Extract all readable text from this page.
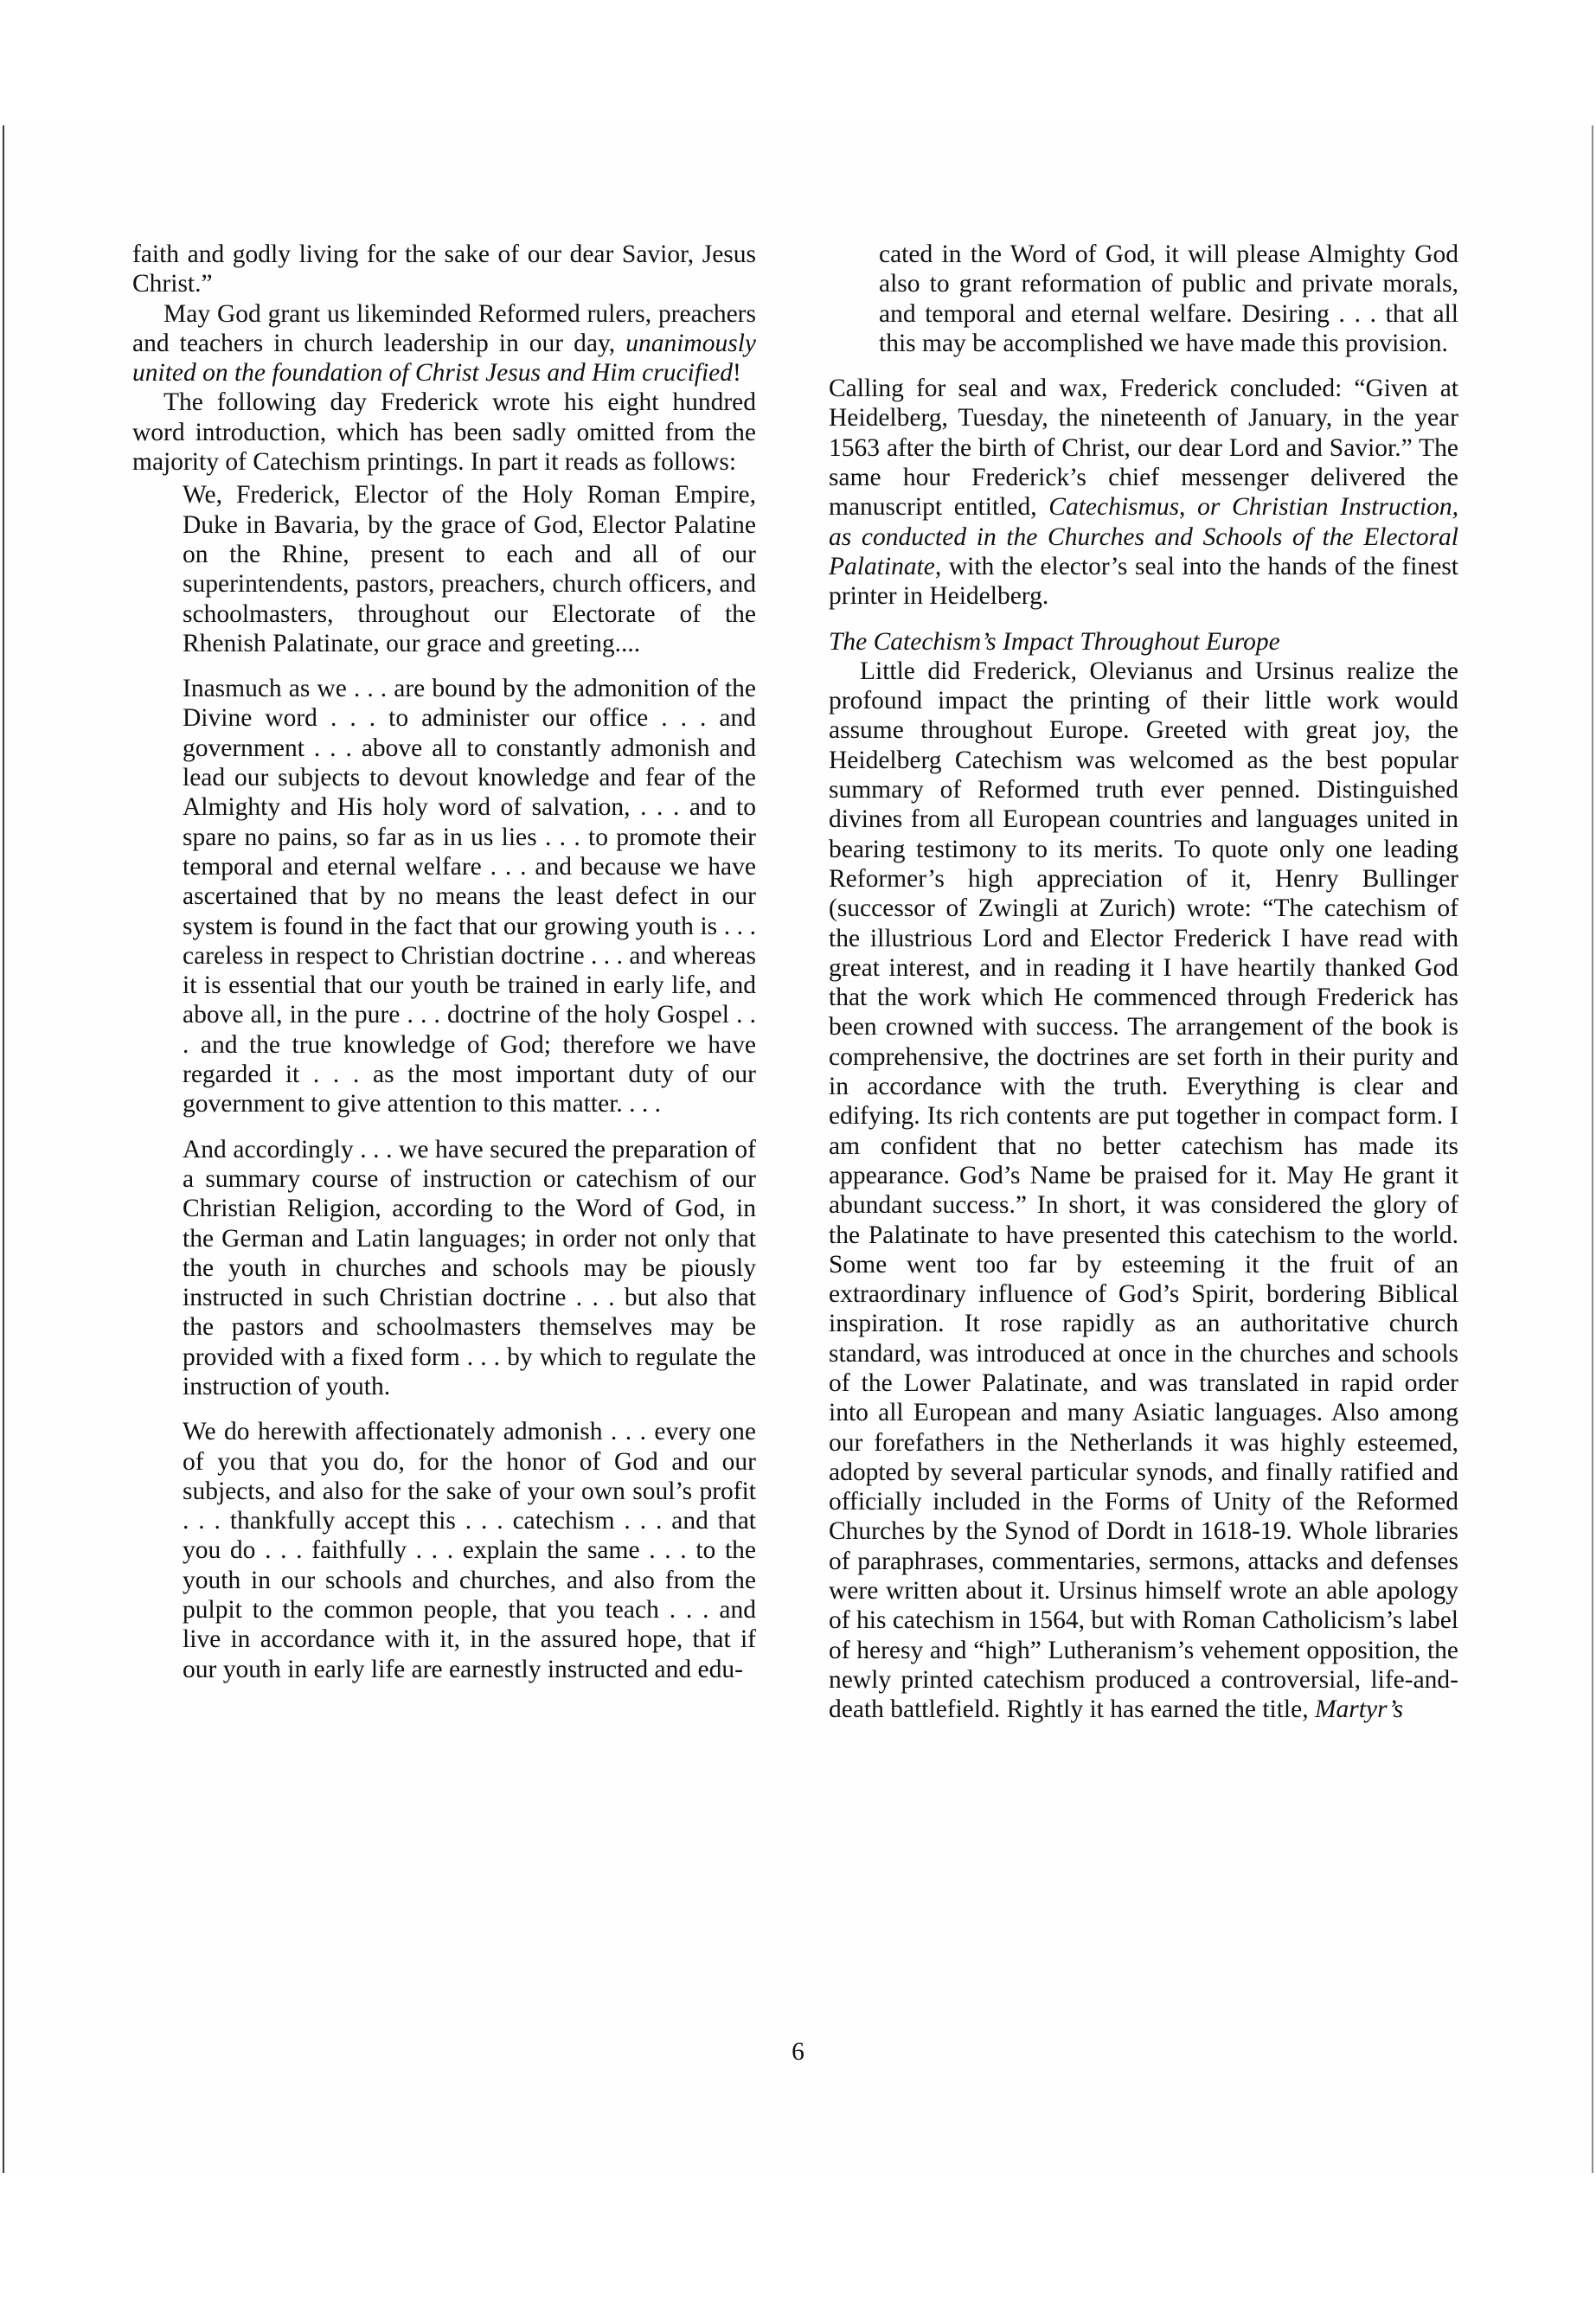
faith and godly living for the sake of our dear Savior, Jesus Christ.”

May God grant us likeminded Reformed rulers, preachers and teachers in church leadership in our day, unanimously united on the foundation of Christ Jesus and Him crucified!

The following day Frederick wrote his eight hundred word introduction, which has been sadly omitted from the majority of Catechism printings. In part it reads as follows:

We, Frederick, Elector of the Holy Roman Empire, Duke in Bavaria, by the grace of God, Elector Palatine on the Rhine, present to each and all of our superintendents, pastors, preachers, church officers, and schoolmasters, throughout our Electorate of the Rhenish Palatinate, our grace and greeting....

Inasmuch as we . . . are bound by the admonition of the Divine word . . . to administer our office . . . and government . . . above all to constantly admonish and lead our subjects to devout knowledge and fear of the Almighty and His holy word of salvation, . . . and to spare no pains, so far as in us lies . . . to promote their temporal and eternal welfare . . . and because we have ascertained that by no means the least defect in our system is found in the fact that our growing youth is . . . careless in respect to Christian doctrine . . . and whereas it is essential that our youth be trained in early life, and above all, in the pure . . . doctrine of the holy Gospel . . . and the true knowledge of God; therefore we have regarded it . . . as the most important duty of our government to give attention to this matter. . . .

And accordingly . . . we have secured the preparation of a summary course of instruction or catechism of our Christian Religion, according to the Word of God, in the German and Latin languages; in order not only that the youth in churches and schools may be piously instructed in such Christian doctrine . . . but also that the pastors and schoolmasters themselves may be provided with a fixed form . . . by which to regulate the instruction of youth.

We do herewith affectionately admonish . . . every one of you that you do, for the honor of God and our subjects, and also for the sake of your own soul’s profit . . . thankfully accept this . . . catechism . . . and that you do . . . faithfully . . . explain the same . . . to the youth in our schools and churches, and also from the pulpit to the common people, that you teach . . . and live in accordance with it, in the assured hope, that if our youth in early life are earnestly instructed and edu-

cated in the Word of God, it will please Almighty God also to grant reformation of public and private morals, and temporal and eternal welfare. Desiring . . . that all this may be accomplished we have made this provision.

Calling for seal and wax, Frederick concluded: “Given at Heidelberg, Tuesday, the nineteenth of January, in the year 1563 after the birth of Christ, our dear Lord and Savior.” The same hour Frederick’s chief messenger delivered the manuscript entitled, Catechismus, or Christian Instruction, as conducted in the Churches and Schools of the Electoral Palatinate, with the elector’s seal into the hands of the finest printer in Heidelberg.

The Catechism’s Impact Throughout Europe

Little did Frederick, Olevianus and Ursinus realize the profound impact the printing of their little work would assume throughout Europe. Greeted with great joy, the Heidelberg Catechism was welcomed as the best popular summary of Reformed truth ever penned. Distinguished divines from all European countries and languages united in bearing testimony to its merits. To quote only one leading Reformer’s high appreciation of it, Henry Bullinger (successor of Zwingli at Zurich) wrote: “The catechism of the illustrious Lord and Elector Frederick I have read with great interest, and in reading it I have heartily thanked God that the work which He commenced through Frederick has been crowned with success. The arrangement of the book is comprehensive, the doctrines are set forth in their purity and in accordance with the truth. Everything is clear and edifying. Its rich contents are put together in compact form. I am confident that no better catechism has made its appearance. God’s Name be praised for it. May He grant it abundant success.” In short, it was considered the glory of the Palatinate to have presented this catechism to the world. Some went too far by esteeming it the fruit of an extraordinary influence of God’s Spirit, bordering Biblical inspiration. It rose rapidly as an authoritative church standard, was introduced at once in the churches and schools of the Lower Palatinate, and was translated in rapid order into all European and many Asiatic languages. Also among our forefathers in the Netherlands it was highly esteemed, adopted by several particular synods, and finally ratified and officially included in the Forms of Unity of the Reformed Churches by the Synod of Dordt in 1618-19. Whole libraries of paraphrases, commentaries, sermons, attacks and defenses were written about it. Ursinus himself wrote an able apology of his catechism in 1564, but with Roman Catholicism’s label of heresy and “high” Lutheranism’s vehement opposition, the newly printed catechism produced a controversial, life-and-death battlefield. Rightly it has earned the title, Martyr’s

6
